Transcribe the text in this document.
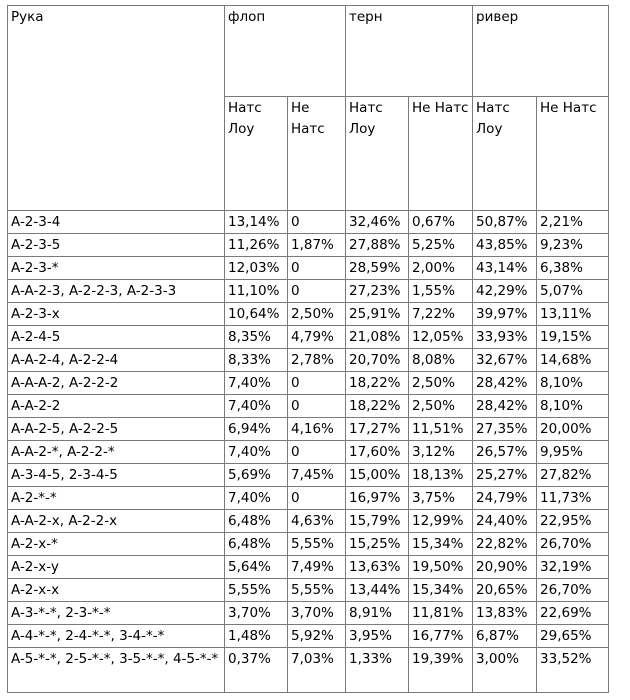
Рука	флоп		терн		ривер	
	Натс Лоу	Не Натс	Натс Лоу	Не Натс	Натс Лоу	Не Натс
A-2-3-4	13,14%	0	32,46%	0,67%	50,87%	2,21%
A-2-3-5	11,26%	1,87%	27,88%	5,25%	43,85%	9,23%
A-2-3-*	12,03%	0	28,59%	2,00%	43,14%	6,38%
A-A-2-3, A-2-2-3, A-2-3-3	11,10%	0	27,23%	1,55%	42,29%	5,07%
A-2-3-x	10,64%	2,50%	25,91%	7,22%	39,97%	13,11%
A-2-4-5	8,35%	4,79%	21,08%	12,05%	33,93%	19,15%
A-A-2-4, A-2-2-4	8,33%	2,78%	20,70%	8,08%	32,67%	14,68%
A-A-A-2, A-2-2-2	7,40%	0	18,22%	2,50%	28,42%	8,10%
A-A-2-2	7,40%	0	18,22%	2,50%	28,42%	8,10%
A-A-2-5, A-2-2-5	6,94%	4,16%	17,27%	11,51%	27,35%	20,00%
A-A-2-*, A-2-2-*	7,40%	0	17,60%	3,12%	26,57%	9,95%
A-3-4-5, 2-3-4-5	5,69%	7,45%	15,00%	18,13%	25,27%	27,82%
A-2-*-*	7,40%	0	16,97%	3,75%	24,79%	11,73%
A-A-2-x, A-2-2-x	6,48%	4,63%	15,79%	12,99%	24,40%	22,95%
A-2-x-*	6,48%	5,55%	15,25%	15,34%	22,82%	26,70%
A-2-x-y	5,64%	7,49%	13,63%	19,50%	20,90%	32,19%
A-2-x-x	5,55%	5,55%	13,44%	15,34%	20,65%	26,70%
A-3-*-*, 2-3-*-*	3,70%	3,70%	8,91%	11,81%	13,83%	22,69%
A-4-*-*, 2-4-*-*, 3-4-*-*	1,48%	5,92%	3,95%	16,77%	6,87%	29,65%
A-5-*-*, 2-5-*-*, 3-5-*-*, 4-5-*-*	0,37%	7,03%	1,33%	19,39%	3,00%	33,52%
